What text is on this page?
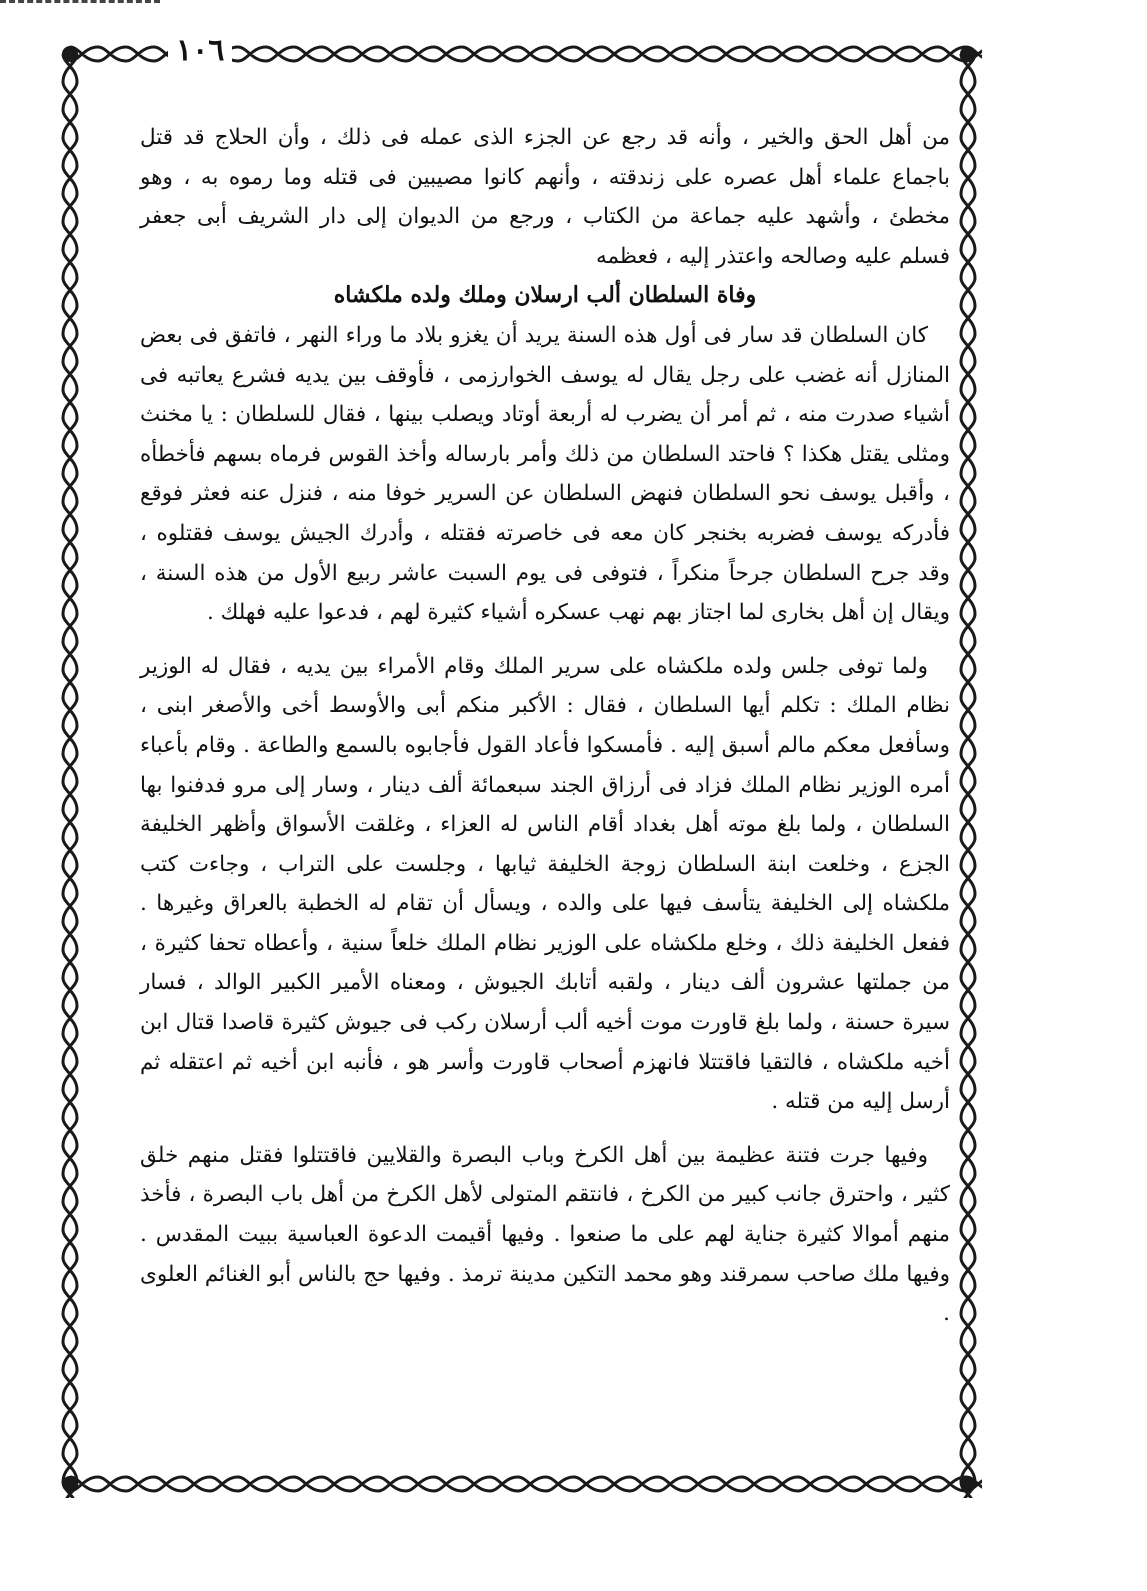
١٠٦

من أهل الحق والخير ، وأنه قد رجع عن الجزء الذى عمله فى ذلك ، وأن الحلاج قد قتل باجماع علماء أهل عصره على زندقته ، وأنهم كانوا مصيبين فى قتله وما رموه به ، وهو مخطئ ، وأشهد عليه جماعة من الكتاب ، ورجع من الديوان إلى دار الشريف أبى جعفر فسلم عليه وصالحه واعتذر إليه ، فعظمه

وفاة السلطان ألب ارسلان وملك ولده ملكشاه

كان السلطان قد سار فى أول هذه السنة يريد أن يغزو بلاد ما وراء النهر ، فاتفق فى بعض المنازل أنه غضب على رجل يقال له يوسف الخوارزمى ، فأوقف بين يديه فشرع يعاتبه فى أشياء صدرت منه ، ثم أمر أن يضرب له أربعة أوتاد ويصلب بينها ، فقال للسلطان : يا مخنث ومثلى يقتل هكذا ؟ فاحتد السلطان من ذلك وأمر بارساله وأخذ القوس فرماه بسهم فأخطأه ، وأقبل يوسف نحو السلطان فنهض السلطان عن السرير خوفا منه ، فنزل عنه فعثر فوقع فأدركه يوسف فضربه بخنجر كان معه فى خاصرته فقتله ، وأدرك الجيش يوسف فقتلوه ، وقد جرح السلطان جرحاً منكراً ، فتوفى فى يوم السبت عاشر ربيع الأول من هذه السنة ، ويقال إن أهل بخارى لما اجتاز بهم نهب عسكره أشياء كثيرة لهم ، فدعوا عليه فهلك .

ولما توفى جلس ولده ملكشاه على سرير الملك وقام الأمراء بين يديه ، فقال له الوزير نظام الملك : تكلم أيها السلطان ، فقال : الأكبر منكم أبى والأوسط أخى والأصغر ابنى ، وسأفعل معكم مالم أسبق إليه . فأمسكوا فأعاد القول فأجابوه بالسمع والطاعة . وقام بأعباء أمره الوزير نظام الملك فزاد فى أرزاق الجند سبعمائة ألف دينار ، وسار إلى مرو فدفنوا بها السلطان ، ولما بلغ موته أهل بغداد أقام الناس له العزاء ، وغلقت الأسواق وأظهر الخليفة الجزع ، وخلعت ابنة السلطان زوجة الخليفة ثيابها ، وجلست على التراب ، وجاءت كتب ملكشاه إلى الخليفة يتأسف فيها على والده ، ويسأل أن تقام له الخطبة بالعراق وغيرها . ففعل الخليفة ذلك ، وخلع ملكشاه على الوزير نظام الملك خلعاً سنية ، وأعطاه تحفا كثيرة ، من جملتها عشرون ألف دينار ، ولقبه أتابك الجيوش ، ومعناه الأمير الكبير الوالد ، فسار سيرة حسنة ، ولما بلغ قاورت موت أخيه ألب أرسلان ركب فى جيوش كثيرة قاصدا قتال ابن أخيه ملكشاه ، فالتقيا فاقتتلا فانهزم أصحاب قاورت وأسر هو ، فأنبه ابن أخيه ثم اعتقله ثم أرسل إليه من قتله .

وفيها جرت فتنة عظيمة بين أهل الكرخ وباب البصرة والقلايين فاقتتلوا فقتل منهم خلق كثير ، واحترق جانب كبير من الكرخ ، فانتقم المتولى لأهل الكرخ من أهل باب البصرة ، فأخذ منهم أموالا كثيرة جناية لهم على ما صنعوا . وفيها أقيمت الدعوة العباسية ببيت المقدس . وفيها ملك صاحب سمرقند وهو محمد التكين مدينة ترمذ . وفيها حج بالناس أبو الغنائم العلوى .
